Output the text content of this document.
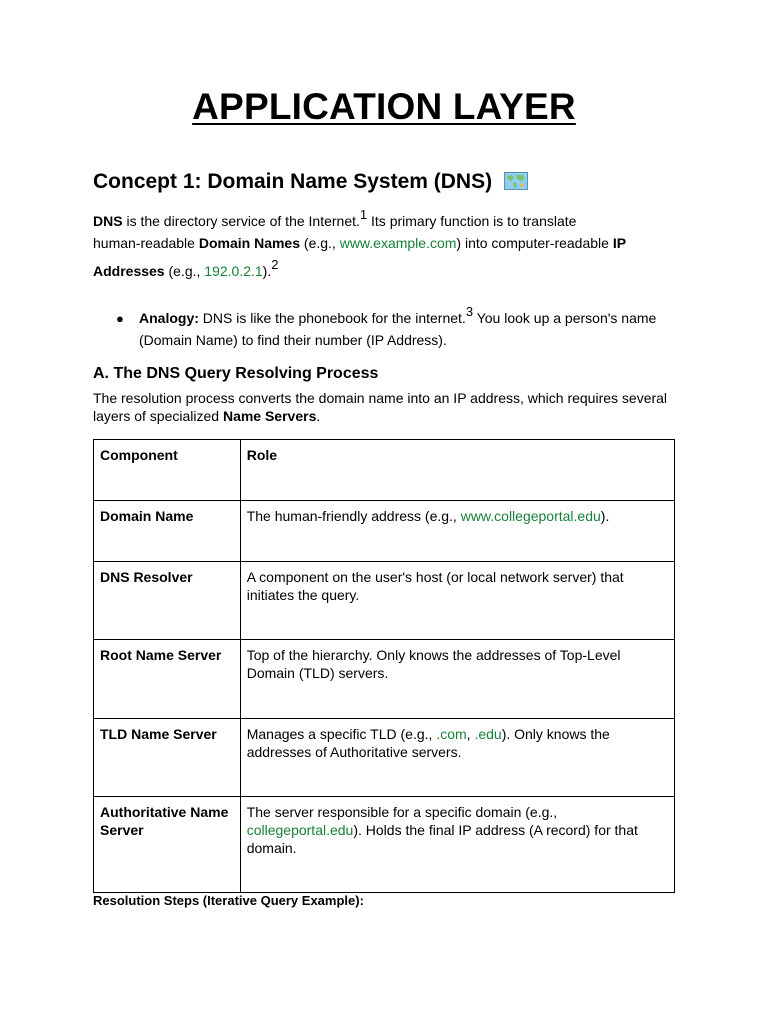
APPLICATION LAYER
Concept 1: Domain Name System (DNS)
DNS is the directory service of the Internet.$^1$ Its primary function is to translate
human-readable Domain Names (e.g., www.example.com) into computer-readable IP
Addresses (e.g., 192.0.2.1).$^2$
● Analogy: DNS is like the phonebook for the internet.$^3$ You look up a person's name
(Domain Name) to find their number (IP Address).
A. The DNS Query Resolving Process
The resolution process converts the domain name into an IP address, which requires several
layers of specialized Name Servers.
Component	Role
Domain Name	The human-friendly address (e.g., www.collegeportal.edu).
DNS Resolver	A component on the user's host (or local network server) that initiates the query.
Root Name Server	Top of the hierarchy. Only knows the addresses of Top-Level Domain (TLD) servers.
TLD Name Server	Manages a specific TLD (e.g., .com, .edu). Only knows the addresses of Authoritative servers.
Authoritative Name Server	The server responsible for a specific domain (e.g., collegeportal.edu). Holds the final IP address (A record) for that domain.
Resolution Steps (Iterative Query Example):
